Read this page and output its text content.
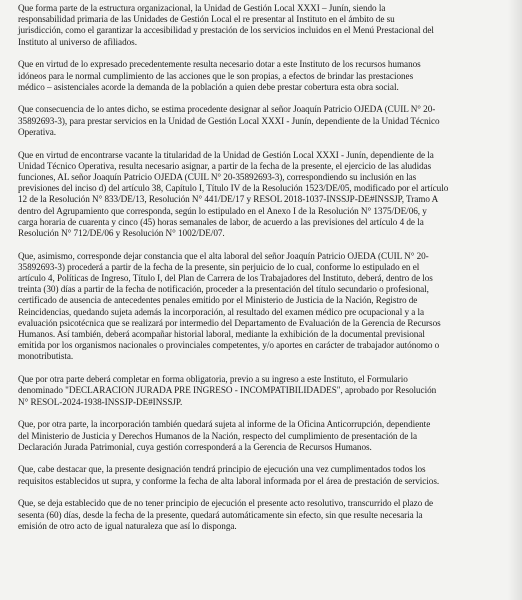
Que forma parte de la estructura organizacional, la Unidad de Gestión Local XXXI – Junín, siendo la
responsabilidad primaria de las Unidades de Gestión Local el re presentar al Instituto en el ámbito de su
jurisdicción, como el garantizar la accesibilidad y prestación de los servicios incluidos en el Menú Prestacional del
Instituto al universo de afiliados.

Que en virtud de lo expresado precedentemente resulta necesario dotar a este Instituto de los recursos humanos
idóneos para le normal cumplimiento de las acciones que le son propias, a efectos de brindar las prestaciones
médico – asistenciales acorde la demanda de la población a quien debe prestar cobertura esta obra social.

Que consecuencia de lo antes dicho, se estima procedente designar al señor Joaquín Patricio OJEDA (CUIL N° 20-
35892693-3), para prestar servicios en la Unidad de Gestión Local XXXI - Junín, dependiente de la Unidad Técnico
Operativa.

Que en virtud de encontrarse vacante la titularidad de la Unidad de Gestión Local XXXI - Junín, dependiente de la
Unidad Técnico Operativa, resulta necesario asignar, a partir de la fecha de la presente, el ejercicio de las aludidas
funciones, AL señor Joaquín Patricio OJEDA (CUIL N° 20-35892693-3), correspondiendo su inclusión en las
previsiones del inciso d) del artículo 38, Capítulo I, Título IV de la Resolución 1523/DE/05, modificado por el artículo
12 de la Resolución N° 833/DE/13, Resolución N° 441/DE/17 y RESOL 2018-1037-INSSJP-DE#INSSJP, Tramo A
dentro del Agrupamiento que corresponda, según lo estipulado en el Anexo I de la Resolución N° 1375/DE/06, y
carga horaria de cuarenta y cinco (45) horas semanales de labor, de acuerdo a las previsiones del artículo 4 de la
Resolución N° 712/DE/06 y Resolución N° 1002/DE/07.

Que, asimismo, corresponde dejar constancia que el alta laboral del señor Joaquín Patricio OJEDA (CUIL N° 20-
35892693-3) procederá a partir de la fecha de la presente, sin perjuicio de lo cual, conforme lo estipulado en el
artículo 4, Políticas de Ingreso, Título I, del Plan de Carrera de los Trabajadores del Instituto, deberá, dentro de los
treinta (30) días a partir de la fecha de notificación, proceder a la presentación del título secundario o profesional,
certificado de ausencia de antecedentes penales emitido por el Ministerio de Justicia de la Nación, Registro de
Reincidencias, quedando sujeta además la incorporación, al resultado del examen médico pre ocupacional y a la
evaluación psicotécnica que se realizará por intermedio del Departamento de Evaluación de la Gerencia de Recursos
Humanos. Así también, deberá acompañar historial laboral, mediante la exhibición de la documental previsional
emitida por los organismos nacionales o provinciales competentes, y/o aportes en carácter de trabajador autónomo o
monotributista.

Que por otra parte deberá completar en forma obligatoria, previo a su ingreso a este Instituto, el Formulario
denominado "DECLARACION JURADA PRE INGRESO - INCOMPATIBILIDADES", aprobado por Resolución
N° RESOL-2024-1938-INSSJP-DE#INSSJP.

Que, por otra parte, la incorporación también quedará sujeta al informe de la Oficina Anticorrupción, dependiente
del Ministerio de Justicia y Derechos Humanos de la Nación, respecto del cumplimiento de presentación de la
Declaración Jurada Patrimonial, cuya gestión corresponderá a la Gerencia de Recursos Humanos.

Que, cabe destacar que, la presente designación tendrá principio de ejecución una vez cumplimentados todos los
requisitos establecidos ut supra, y conforme la fecha de alta laboral informada por el área de prestación de servicios.

Que, se deja establecido que de no tener principio de ejecución el presente acto resolutivo, transcurrido el plazo de
sesenta (60) días, desde la fecha de la presente, quedará automáticamente sin efecto, sin que resulte necesaria la
emisión de otro acto de igual naturaleza que así lo disponga.
